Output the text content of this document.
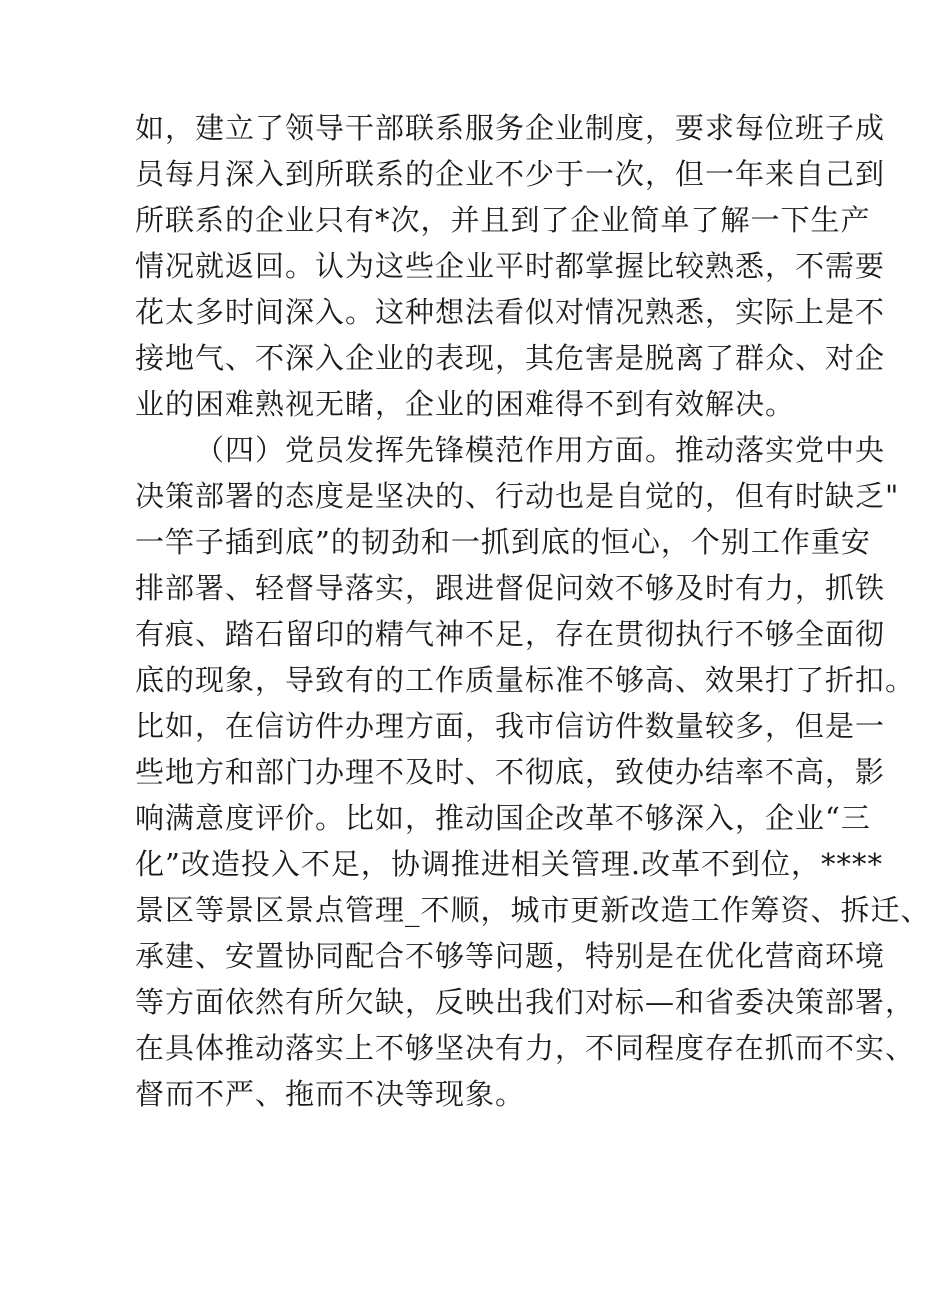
如，建立了领导干部联系服务企业制度，要求每位班子成
员每月深入到所联系的企业不少于一次，但一年来自己到
所联系的企业只有*次，并且到了企业简单了解一下生产
情况就返回。认为这些企业平时都掌握比较熟悉，不需要
花太多时间深入。这种想法看似对情况熟悉，实际上是不
接地气、不深入企业的表现，其危害是脱离了群众、对企
业的困难熟视无睹，企业的困难得不到有效解决。
（四）党员发挥先锋模范作用方面。推动落实党中央
决策部署的态度是坚决的、行动也是自觉的，但有时缺乏"
一竿子插到底”的韧劲和一抓到底的恒心，个别工作重安
排部署、轻督导落实，跟进督促问效不够及时有力，抓铁
有痕、踏石留印的精气神不足，存在贯彻执行不够全面彻
底的现象，导致有的工作质量标准不够高、效果打了折扣。
比如，在信访件办理方面，我市信访件数量较多，但是一
些地方和部门办理不及时、不彻底，致使办结率不高，影
响满意度评价。比如，推动国企改革不够深入，企业“三
化”改造投入不足，协调推进相关管理.改革不到位，****
景区等景区景点管理_不顺，城市更新改造工作筹资、拆迁、
承建、安置协同配合不够等问题，特别是在优化营商环境
等方面依然有所欠缺，反映出我们对标—和省委决策部署，
在具体推动落实上不够坚决有力，不同程度存在抓而不实、
督而不严、拖而不决等现象。
